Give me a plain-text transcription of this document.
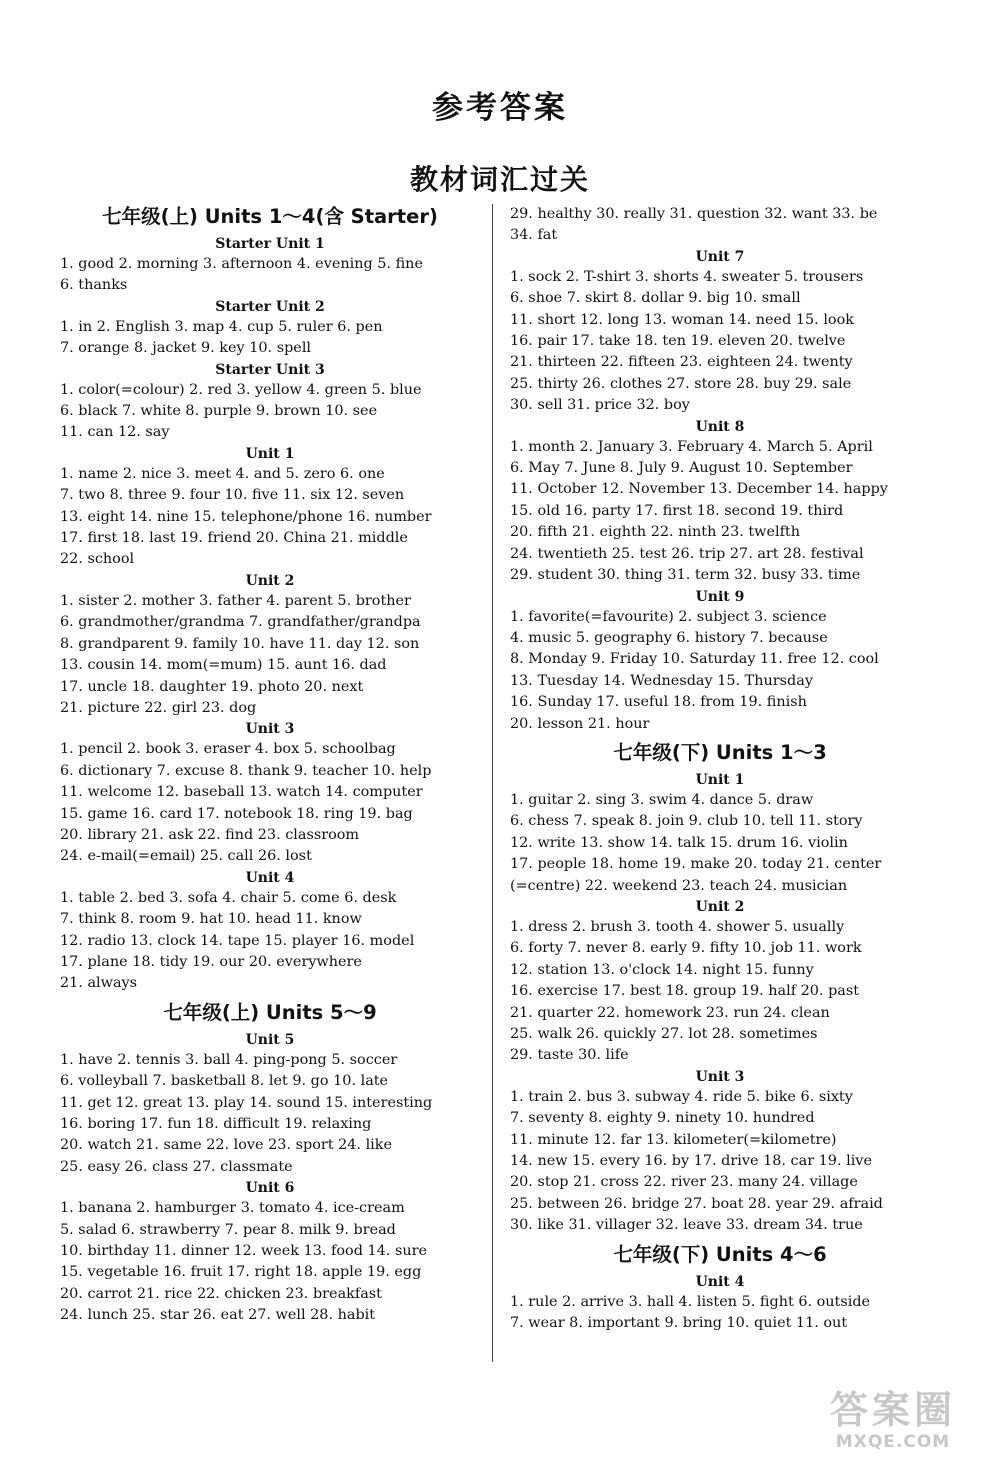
参考答案
教材词汇过关
七年级(上) Units 1～4(含 Starter)
Starter Unit 1
1. good 2. morning 3. afternoon 4. evening 5. fine
6. thanks
Starter Unit 2
1. in 2. English 3. map 4. cup 5. ruler 6. pen
7. orange 8. jacket 9. key 10. spell
Starter Unit 3
1. color(=colour) 2. red 3. yellow 4. green 5. blue
6. black 7. white 8. purple 9. brown 10. see
11. can 12. say
Unit 1
1. name 2. nice 3. meet 4. and 5. zero 6. one
7. two 8. three 9. four 10. five 11. six 12. seven
13. eight 14. nine 15. telephone/phone 16. number
17. first 18. last 19. friend 20. China 21. middle
22. school
Unit 2
1. sister 2. mother 3. father 4. parent 5. brother
6. grandmother/grandma 7. grandfather/grandpa
8. grandparent 9. family 10. have 11. day 12. son
13. cousin 14. mom(=mum) 15. aunt 16. dad
17. uncle 18. daughter 19. photo 20. next
21. picture 22. girl 23. dog
Unit 3
1. pencil 2. book 3. eraser 4. box 5. schoolbag
6. dictionary 7. excuse 8. thank 9. teacher 10. help
11. welcome 12. baseball 13. watch 14. computer
15. game 16. card 17. notebook 18. ring 19. bag
20. library 21. ask 22. find 23. classroom
24. e-mail(=email) 25. call 26. lost
Unit 4
1. table 2. bed 3. sofa 4. chair 5. come 6. desk
7. think 8. room 9. hat 10. head 11. know
12. radio 13. clock 14. tape 15. player 16. model
17. plane 18. tidy 19. our 20. everywhere
21. always
七年级(上) Units 5～9
Unit 5
1. have 2. tennis 3. ball 4. ping-pong 5. soccer
6. volleyball 7. basketball 8. let 9. go 10. late
11. get 12. great 13. play 14. sound 15. interesting
16. boring 17. fun 18. difficult 19. relaxing
20. watch 21. same 22. love 23. sport 24. like
25. easy 26. class 27. classmate
Unit 6
1. banana 2. hamburger 3. tomato 4. ice-cream
5. salad 6. strawberry 7. pear 8. milk 9. bread
10. birthday 11. dinner 12. week 13. food 14. sure
15. vegetable 16. fruit 17. right 18. apple 19. egg
20. carrot 21. rice 22. chicken 23. breakfast
24. lunch 25. star 26. eat 27. well 28. habit
29. healthy 30. really 31. question 32. want 33. be
34. fat
Unit 7
1. sock 2. T-shirt 3. shorts 4. sweater 5. trousers
6. shoe 7. skirt 8. dollar 9. big 10. small
11. short 12. long 13. woman 14. need 15. look
16. pair 17. take 18. ten 19. eleven 20. twelve
21. thirteen 22. fifteen 23. eighteen 24. twenty
25. thirty 26. clothes 27. store 28. buy 29. sale
30. sell 31. price 32. boy
Unit 8
1. month 2. January 3. February 4. March 5. April
6. May 7. June 8. July 9. August 10. September
11. October 12. November 13. December 14. happy
15. old 16. party 17. first 18. second 19. third
20. fifth 21. eighth 22. ninth 23. twelfth
24. twentieth 25. test 26. trip 27. art 28. festival
29. student 30. thing 31. term 32. busy 33. time
Unit 9
1. favorite(=favourite) 2. subject 3. science
4. music 5. geography 6. history 7. because
8. Monday 9. Friday 10. Saturday 11. free 12. cool
13. Tuesday 14. Wednesday 15. Thursday
16. Sunday 17. useful 18. from 19. finish
20. lesson 21. hour
七年级(下) Units 1～3
Unit 1
1. guitar 2. sing 3. swim 4. dance 5. draw
6. chess 7. speak 8. join 9. club 10. tell 11. story
12. write 13. show 14. talk 15. drum 16. violin
17. people 18. home 19. make 20. today 21. center
(=centre) 22. weekend 23. teach 24. musician
Unit 2
1. dress 2. brush 3. tooth 4. shower 5. usually
6. forty 7. never 8. early 9. fifty 10. job 11. work
12. station 13. o'clock 14. night 15. funny
16. exercise 17. best 18. group 19. half 20. past
21. quarter 22. homework 23. run 24. clean
25. walk 26. quickly 27. lot 28. sometimes
29. taste 30. life
Unit 3
1. train 2. bus 3. subway 4. ride 5. bike 6. sixty
7. seventy 8. eighty 9. ninety 10. hundred
11. minute 12. far 13. kilometer(=kilometre)
14. new 15. every 16. by 17. drive 18. car 19. live
20. stop 21. cross 22. river 23. many 24. village
25. between 26. bridge 27. boat 28. year 29. afraid
30. like 31. villager 32. leave 33. dream 34. true
七年级(下) Units 4～6
Unit 4
1. rule 2. arrive 3. hall 4. listen 5. fight 6. outside
7. wear 8. important 9. bring 10. quiet 11. out
答案圈
MXQE.COM
